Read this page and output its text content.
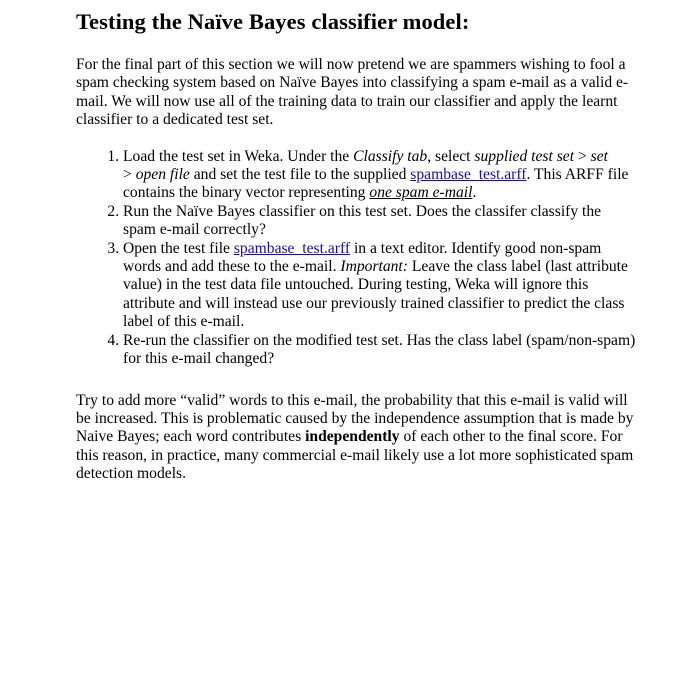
Testing the Naïve Bayes classifier model:

For the final part of this section we will now pretend we are spammers wishing to fool a spam checking system based on Naïve Bayes into classifying a spam e-mail as a valid e-mail. We will now use all of the training data to train our classifier and apply the learnt classifier to a dedicated test set.

1. Load the test set in Weka. Under the Classify tab, select supplied test set > set
> open file and set the test file to the supplied spambase_test.arff. This ARFF file contains the binary vector representing one spam e-mail.
2. Run the Naïve Bayes classifier on this test set. Does the classifer classify the spam e-mail correctly?
3. Open the test file spambase_test.arff in a text editor. Identify good non-spam words and add these to the e-mail. Important: Leave the class label (last attribute value) in the test data file untouched. During testing, Weka will ignore this attribute and will instead use our previously trained classifier to predict the class label of this e-mail.
4. Re-run the classifier on the modified test set. Has the class label (spam/non-spam) for this e-mail changed?

Try to add more “valid” words to this e-mail, the probability that this e-mail is valid will be increased. This is problematic caused by the independence assumption that is made by Naive Bayes; each word contributes independently of each other to the final score. For this reason, in practice, many commercial e-mail likely use a lot more sophisticated spam detection models.
